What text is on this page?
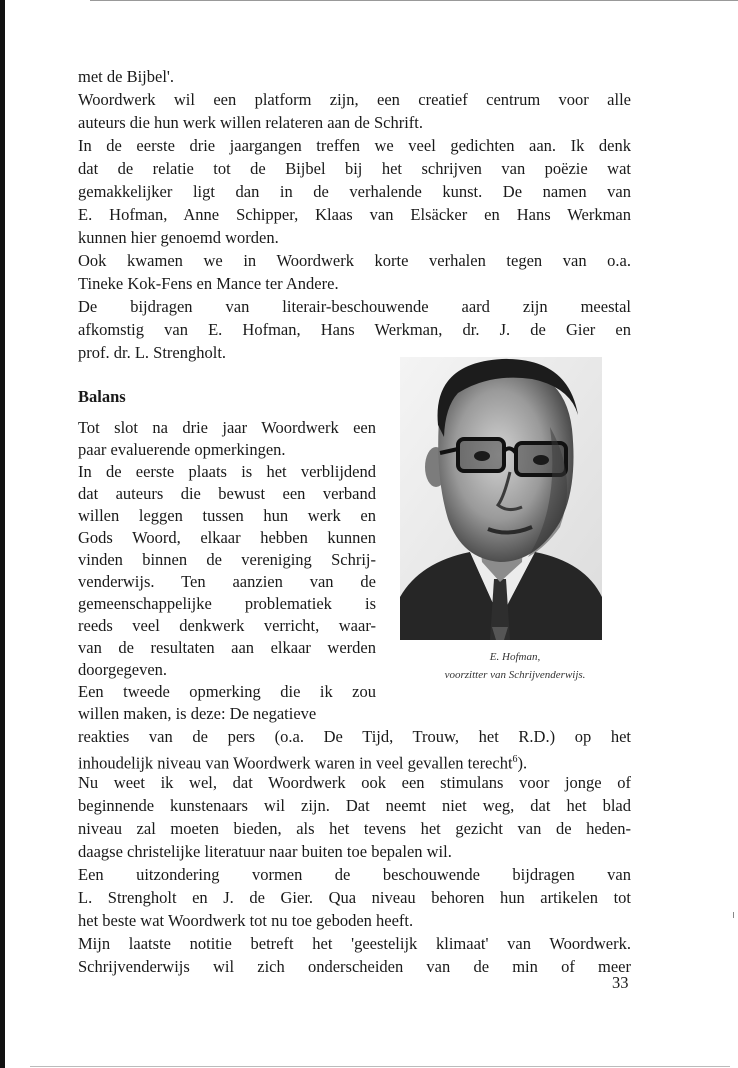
met de Bijbel'.
Woordwerk wil een platform zijn, een creatief centrum voor alle
auteurs die hun werk willen relateren aan de Schrift.
In de eerste drie jaargangen treffen we veel gedichten aan. Ik denk
dat de relatie tot de Bijbel bij het schrijven van poëzie wat
gemakkelijker ligt dan in de verhalende kunst. De namen van
E. Hofman, Anne Schipper, Klaas van Elsäcker en Hans Werkman
kunnen hier genoemd worden.
Ook kwamen we in Woordwerk korte verhalen tegen van o.a.
Tineke Kok-Fens en Mance ter Andere.
De bijdragen van literair-beschouwende aard zijn meestal
afkomstig van E. Hofman, Hans Werkman, dr. J. de Gier en
prof. dr. L. Strengholt.
Balans
Tot slot na drie jaar Woordwerk een
paar evaluerende opmerkingen.
In de eerste plaats is het verblijdend
dat auteurs die bewust een verband
willen leggen tussen hun werk en
Gods Woord, elkaar hebben kunnen
vinden binnen de vereniging Schrij-
venderwijs. Ten aanzien van de
gemeenschappelijke problematiek is
reeds veel denkwerk verricht, waar-
van de resultaten aan elkaar werden
doorgegeven.
Een tweede opmerking die ik zou
E. Hofman,
voorzitter van Schrijvenderwijs.
willen maken, is deze: De negatieve
reakties van de pers (o.a. De Tijd, Trouw, het R.D.) op het
inhoudelijk niveau van Woordwerk waren in veel gevallen terecht$^6$).
Nu weet ik wel, dat Woordwerk ook een stimulans voor jonge of
beginnende kunstenaars wil zijn. Dat neemt niet weg, dat het blad
niveau zal moeten bieden, als het tevens het gezicht van de heden-
daagse christelijke literatuur naar buiten toe bepalen wil.
Een uitzondering vormen de beschouwende bijdragen van
L. Strengholt en J. de Gier. Qua niveau behoren hun artikelen tot
het beste wat Woordwerk tot nu toe geboden heeft.
Mijn laatste notitie betreft het 'geestelijk klimaat' van Woordwerk.
Schrijvenderwijs wil zich onderscheiden van de min of meer
33
